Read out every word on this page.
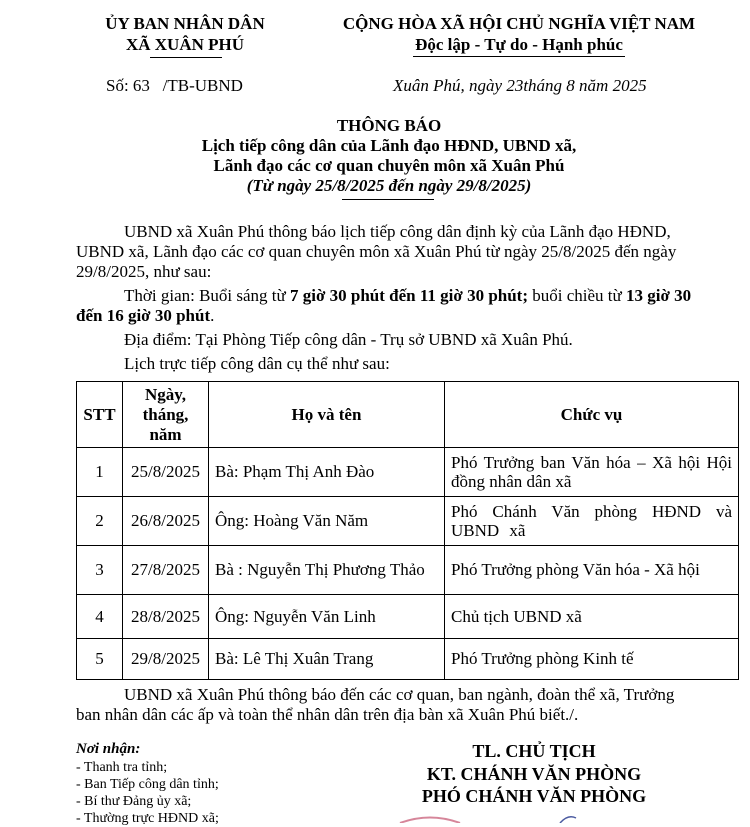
ỦY BAN NHÂN DÂN
XÃ XUÂN PHÚ
CỘNG HÒA XÃ HỘI CHỦ NGHĨA VIỆT NAM
Độc lập - Tự do - Hạnh phúc
Số: 63   /TB-UBND	Xuân Phú, ngày 23tháng 8 năm 2025
THÔNG BÁO
Lịch tiếp công dân của Lãnh đạo HĐND, UBND xã,
Lãnh đạo các cơ quan chuyên môn xã Xuân Phú
(Từ ngày 25/8/2025 đến ngày 29/8/2025)
UBND xã Xuân Phú thông báo lịch tiếp công dân định kỳ của Lãnh đạo HĐND,
UBND xã, Lãnh đạo các cơ quan chuyên môn xã Xuân Phú từ ngày 25/8/2025 đến ngày
29/8/2025, như sau:
Thời gian: Buổi sáng từ 7 giờ 30 phút đến 11 giờ 30 phút; buổi chiều từ 13 giờ 30
đến 16 giờ 30 phút.
Địa điểm: Tại Phòng Tiếp công dân - Trụ sở UBND xã Xuân Phú.
Lịch trực tiếp công dân cụ thể như sau:
STT	Ngày,
tháng,
năm	Họ và tên	Chức vụ
1	25/8/2025	Bà: Phạm Thị Anh Đào	Phó Trưởng ban Văn hóa – Xã hội Hội đồng nhân dân xã
2	26/8/2025	Ông: Hoàng Văn Năm	Phó Chánh Văn phòng HĐND và UBND xã
3	27/8/2025	Bà : Nguyễn Thị Phương Thảo	Phó Trưởng phòng Văn hóa - Xã hội
4	28/8/2025	Ông: Nguyễn Văn Linh	Chủ tịch UBND xã
5	29/8/2025	Bà: Lê Thị Xuân Trang	Phó Trưởng phòng Kinh tế
UBND xã Xuân Phú thông báo đến các cơ quan, ban ngành, đoàn thể xã, Trưởng
ban nhân dân các ấp và toàn thể nhân dân trên địa bàn xã Xuân Phú biết./.
Nơi nhận:
- Thanh tra tỉnh;
- Ban Tiếp công dân tỉnh;
- Bí thư Đảng ủy xã;
- Thường trực HĐND xã;
TL. CHỦ TỊCH
KT. CHÁNH VĂN PHÒNG
PHÓ CHÁNH VĂN PHÒNG
